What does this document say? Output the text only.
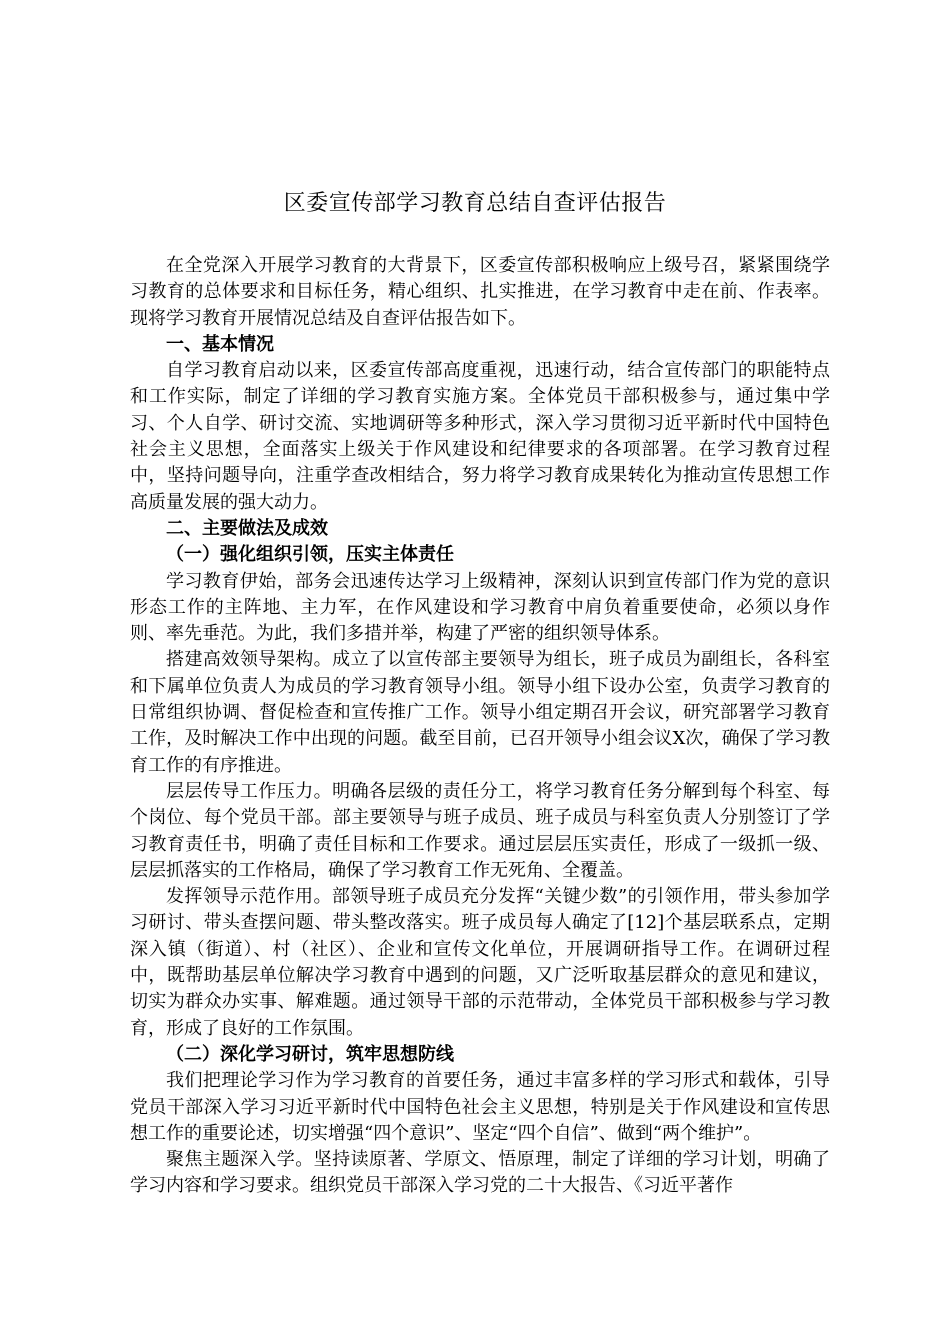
区委宣传部学习教育总结自查评估报告

在全党深入开展学习教育的大背景下，区委宣传部积极响应上级号召，紧紧围绕学习教育的总体要求和目标任务，精心组织、扎实推进，在学习教育中走在前、作表率。现将学习教育开展情况总结及自查评估报告如下。

一、基本情况

自学习教育启动以来，区委宣传部高度重视，迅速行动，结合宣传部门的职能特点和工作实际，制定了详细的学习教育实施方案。全体党员干部积极参与，通过集中学习、个人自学、研讨交流、实地调研等多种形式，深入学习贯彻习近平新时代中国特色社会主义思想，全面落实上级关于作风建设和纪律要求的各项部署。在学习教育过程中，坚持问题导向，注重学查改相结合，努力将学习教育成果转化为推动宣传思想工作高质量发展的强大动力。

二、主要做法及成效
（一）强化组织引领，压实主体责任

学习教育伊始，部务会迅速传达学习上级精神，深刻认识到宣传部门作为党的意识形态工作的主阵地、主力军，在作风建设和学习教育中肩负着重要使命，必须以身作则、率先垂范。为此，我们多措并举，构建了严密的组织领导体系。

搭建高效领导架构。成立了以宣传部主要领导为组长，班子成员为副组长，各科室和下属单位负责人为成员的学习教育领导小组。领导小组下设办公室，负责学习教育的日常组织协调、督促检查和宣传推广工作。领导小组定期召开会议，研究部署学习教育工作，及时解决工作中出现的问题。截至目前，已召开领导小组会议X次，确保了学习教育工作的有序推进。

层层传导工作压力。明确各层级的责任分工，将学习教育任务分解到每个科室、每个岗位、每个党员干部。部主要领导与班子成员、班子成员与科室负责人分别签订了学习教育责任书，明确了责任目标和工作要求。通过层层压实责任，形成了一级抓一级、层层抓落实的工作格局，确保了学习教育工作无死角、全覆盖。

发挥领导示范作用。部领导班子成员充分发挥“关键少数”的引领作用，带头参加学习研讨、带头查摆问题、带头整改落实。班子成员每人确定了[12]个基层联系点，定期深入镇（街道）、村（社区）、企业和宣传文化单位，开展调研指导工作。在调研过程中，既帮助基层单位解决学习教育中遇到的问题，又广泛听取基层群众的意见和建议，切实为群众办实事、解难题。通过领导干部的示范带动，全体党员干部积极参与学习教育，形成了良好的工作氛围。

（二）深化学习研讨，筑牢思想防线

我们把理论学习作为学习教育的首要任务，通过丰富多样的学习形式和载体，引导党员干部深入学习习近平新时代中国特色社会主义思想，特别是关于作风建设和宣传思想工作的重要论述，切实增强“四个意识”、坚定“四个自信”、做到“两个维护”。

聚焦主题深入学。坚持读原著、学原文、悟原理，制定了详细的学习计划，明确了学习内容和学习要求。组织党员干部深入学习党的二十大报告、《习近平著作
